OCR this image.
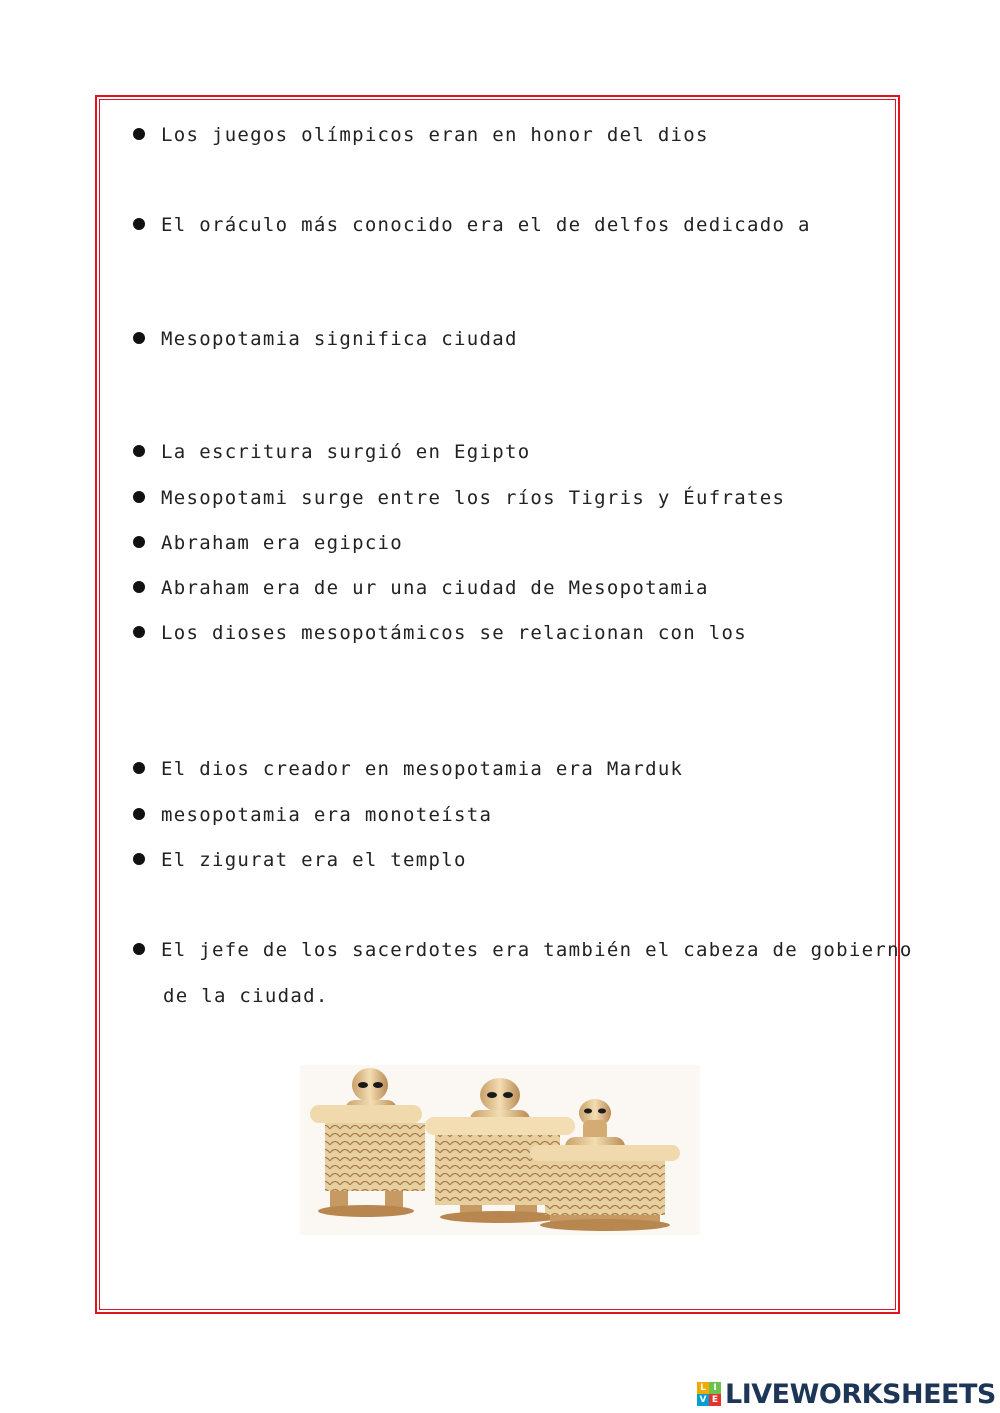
Los juegos olímpicos eran en honor del dios
El oráculo más conocido era el de delfos dedicado a
Mesopotamia significa ciudad
La escritura surgió en Egipto
Mesopotami surge entre los ríos Tigris y Éufrates
Abraham era egipcio
Abraham era de ur una ciudad de Mesopotamia
Los dioses mesopotámicos se relacionan con los
El dios creador en mesopotamia era Marduk
mesopotamia era monoteísta
El zigurat era el templo
El jefe de los sacerdotes era también el cabeza de gobierno
de la ciudad.
L I
V E LIVEWORKSHEETS
